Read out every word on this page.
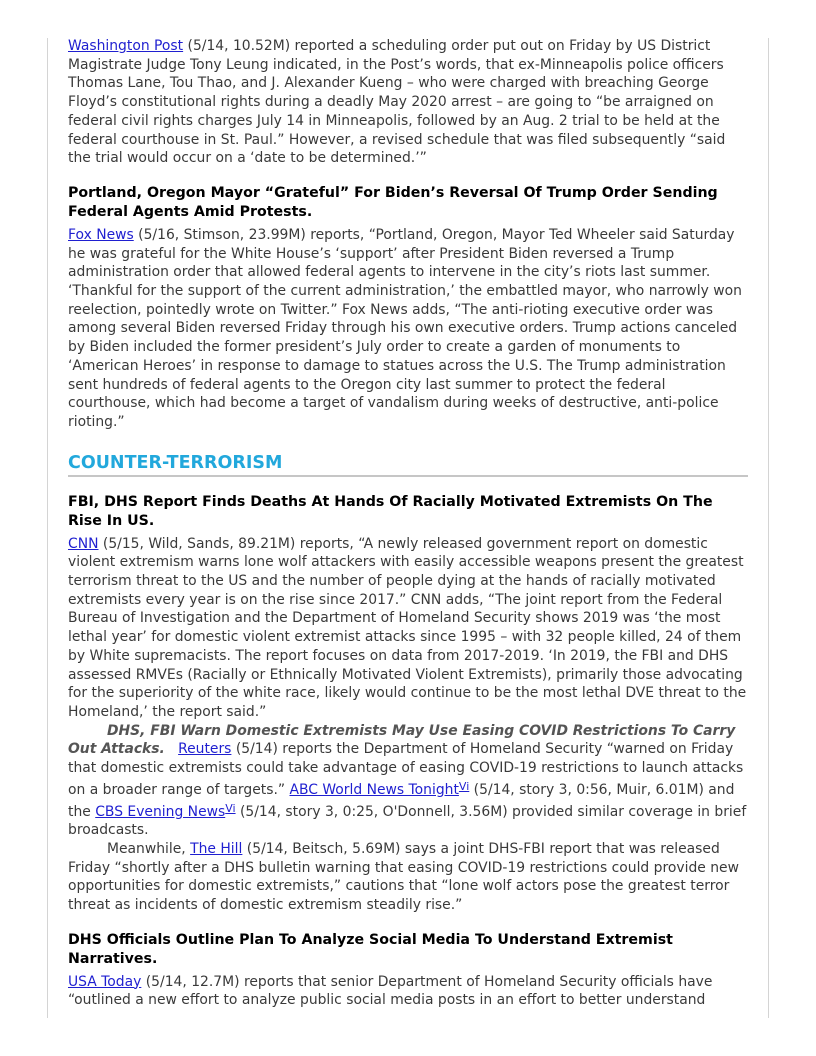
Washington Post (5/14, 10.52M) reported a scheduling order put out on Friday by US District Magistrate Judge Tony Leung indicated, in the Post’s words, that ex-Minneapolis police officers Thomas Lane, Tou Thao, and J. Alexander Kueng – who were charged with breaching George Floyd’s constitutional rights during a deadly May 2020 arrest – are going to “be arraigned on federal civil rights charges July 14 in Minneapolis, followed by an Aug. 2 trial to be held at the federal courthouse in St. Paul.” However, a revised schedule that was filed subsequently “said the trial would occur on a ‘date to be determined.’”

Portland, Oregon Mayor “Grateful” For Biden’s Reversal Of Trump Order Sending Federal Agents Amid Protests.

Fox News (5/16, Stimson, 23.99M) reports, “Portland, Oregon, Mayor Ted Wheeler said Saturday he was grateful for the White House’s ‘support’ after President Biden reversed a Trump administration order that allowed federal agents to intervene in the city’s riots last summer. ‘Thankful for the support of the current administration,’ the embattled mayor, who narrowly won reelection, pointedly wrote on Twitter.” Fox News adds, “The anti-rioting executive order was among several Biden reversed Friday through his own executive orders. Trump actions canceled by Biden included the former president’s July order to create a garden of monuments to ‘American Heroes’ in response to damage to statues across the U.S. The Trump administration sent hundreds of federal agents to the Oregon city last summer to protect the federal courthouse, which had become a target of vandalism during weeks of destructive, anti-police rioting.”

COUNTER-TERRORISM

FBI, DHS Report Finds Deaths At Hands Of Racially Motivated Extremists On The Rise In US.

CNN (5/15, Wild, Sands, 89.21M) reports, “A newly released government report on domestic violent extremism warns lone wolf attackers with easily accessible weapons present the greatest terrorism threat to the US and the number of people dying at the hands of racially motivated extremists every year is on the rise since 2017.” CNN adds, “The joint report from the Federal Bureau of Investigation and the Department of Homeland Security shows 2019 was ‘the most lethal year’ for domestic violent extremist attacks since 1995 – with 32 people killed, 24 of them by White supremacists. The report focuses on data from 2017-2019. ‘In 2019, the FBI and DHS assessed RMVEs (Racially or Ethnically Motivated Violent Extremists), primarily those advocating for the superiority of the white race, likely would continue to be the most lethal DVE threat to the Homeland,’ the report said.”

DHS, FBI Warn Domestic Extremists May Use Easing COVID Restrictions To Carry Out Attacks. Reuters (5/14) reports the Department of Homeland Security “warned on Friday that domestic extremists could take advantage of easing COVID-19 restrictions to launch attacks on a broader range of targets.” ABC World News Tonight$^{Vi}$ (5/14, story 3, 0:56, Muir, 6.01M) and the CBS Evening News$^{Vi}$ (5/14, story 3, 0:25, O'Donnell, 3.56M) provided similar coverage in brief broadcasts.

Meanwhile, The Hill (5/14, Beitsch, 5.69M) says a joint DHS-FBI report that was released Friday “shortly after a DHS bulletin warning that easing COVID-19 restrictions could provide new opportunities for domestic extremists,” cautions that “lone wolf actors pose the greatest terror threat as incidents of domestic extremism steadily rise.”

DHS Officials Outline Plan To Analyze Social Media To Understand Extremist Narratives.

USA Today (5/14, 12.7M) reports that senior Department of Homeland Security officials have “outlined a new effort to analyze public social media posts in an effort to better understand
